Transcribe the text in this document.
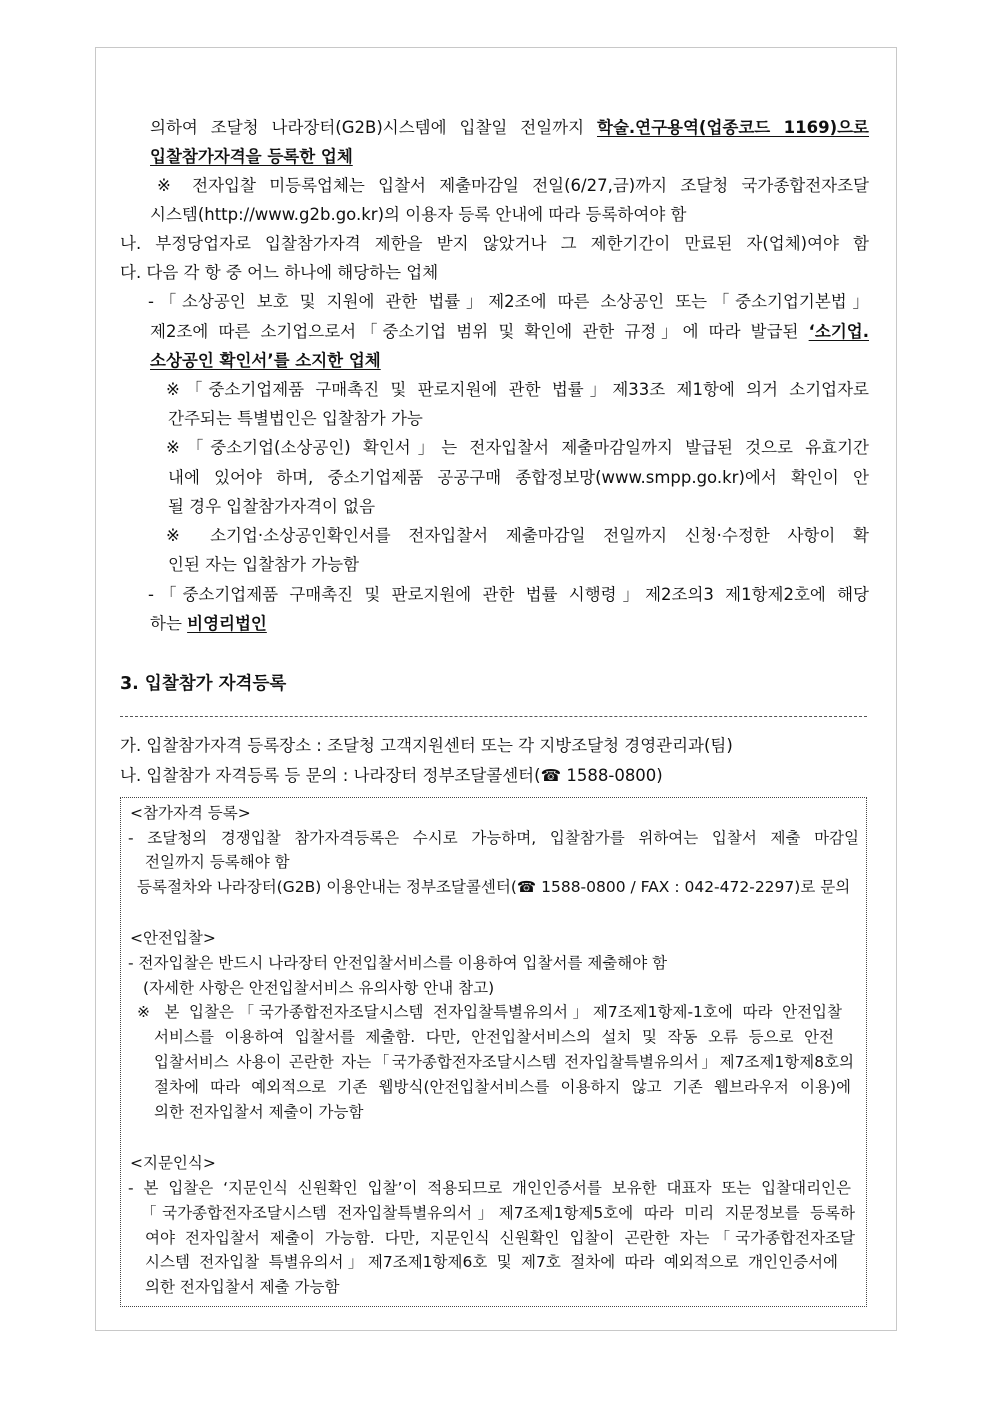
의하여 조달청 나라장터(G2B)시스템에 입찰일 전일까지 학술.연구용역(업종코드 1169)으로
입찰참가자격을 등록한 업체
※ 전자입찰 미등록업체는 입찰서 제출마감일 전일(6/27,금)까지 조달청 국가종합전자조달
시스템(http://www.g2b.go.kr)의 이용자 등록 안내에 따라 등록하여야 함
나. 부정당업자로 입찰참가자격 제한을 받지 않았거나 그 제한기간이 만료된 자(업체)여야 함
다. 다음 각 항 중 어느 하나에 해당하는 업체
-「소상공인 보호 및 지원에 관한 법률」제2조에 따른 소상공인 또는「중소기업기본법」
제2조에 따른 소기업으로서「중소기업 범위 및 확인에 관한 규정」에 따라 발급된 ‘소기업.
소상공인 확인서’를 소지한 업체
※「중소기업제품 구매촉진 및 판로지원에 관한 법률」제33조 제1항에 의거 소기업자로
간주되는 특별법인은 입찰참가 가능
※「중소기업(소상공인) 확인서」는 전자입찰서 제출마감일까지 발급된 것으로 유효기간
내에 있어야 하며, 중소기업제품 공공구매 종합정보망(www.smpp.go.kr)에서 확인이 안
될 경우 입찰참가자격이 없음
※ 소기업·소상공인확인서를 전자입찰서 제출마감일 전일까지 신청·수정한 사항이 확
인된 자는 입찰참가 가능함
-「중소기업제품 구매촉진 및 판로지원에 관한 법률 시행령」제2조의3 제1항제2호에 해당
하는 비영리법인
3. 입찰참가 자격등록
가. 입찰참가자격 등록장소 : 조달청 고객지원센터 또는 각 지방조달청 경영관리과(팀)
나. 입찰참가 자격등록 등 문의 : 나라장터 정부조달콜센터(☎ 1588-0800)
<참가자격 등록>
- 조달청의 경쟁입찰 참가자격등록은 수시로 가능하며, 입찰참가를 위하여는 입찰서 제출 마감일
전일까지 등록해야 함
등록절차와 나라장터(G2B) 이용안내는 정부조달콜센터(☎ 1588-0800 / FAX : 042-472-2297)로 문의
<안전입찰>
- 전자입찰은 반드시 나라장터 안전입찰서비스를 이용하여 입찰서를 제출해야 함
(자세한 사항은 안전입찰서비스 유의사항 안내 참고)
※ 본 입찰은「국가종합전자조달시스템 전자입찰특별유의서」제7조제1항제-1호에 따라 안전입찰
서비스를 이용하여 입찰서를 제출함. 다만, 안전입찰서비스의 설치 및 작동 오류 등으로 안전
입찰서비스 사용이 곤란한 자는「국가종합전자조달시스템 전자입찰특별유의서」제7조제1항제8호의
절차에 따라 예외적으로 기존 웹방식(안전입찰서비스를 이용하지 않고 기존 웹브라우저 이용)에
의한 전자입찰서 제출이 가능함
<지문인식>
- 본 입찰은 ‘지문인식 신원확인 입찰’이 적용되므로 개인인증서를 보유한 대표자 또는 입찰대리인은
「국가종합전자조달시스템 전자입찰특별유의서」제7조제1항제5호에 따라 미리 지문정보를 등록하
여야 전자입찰서 제출이 가능함. 다만, 지문인식 신원확인 입찰이 곤란한 자는「국가종합전자조달
시스템 전자입찰 특별유의서」제7조제1항제6호 및 제7호 절차에 따라 예외적으로 개인인증서에
의한 전자입찰서 제출 가능함
